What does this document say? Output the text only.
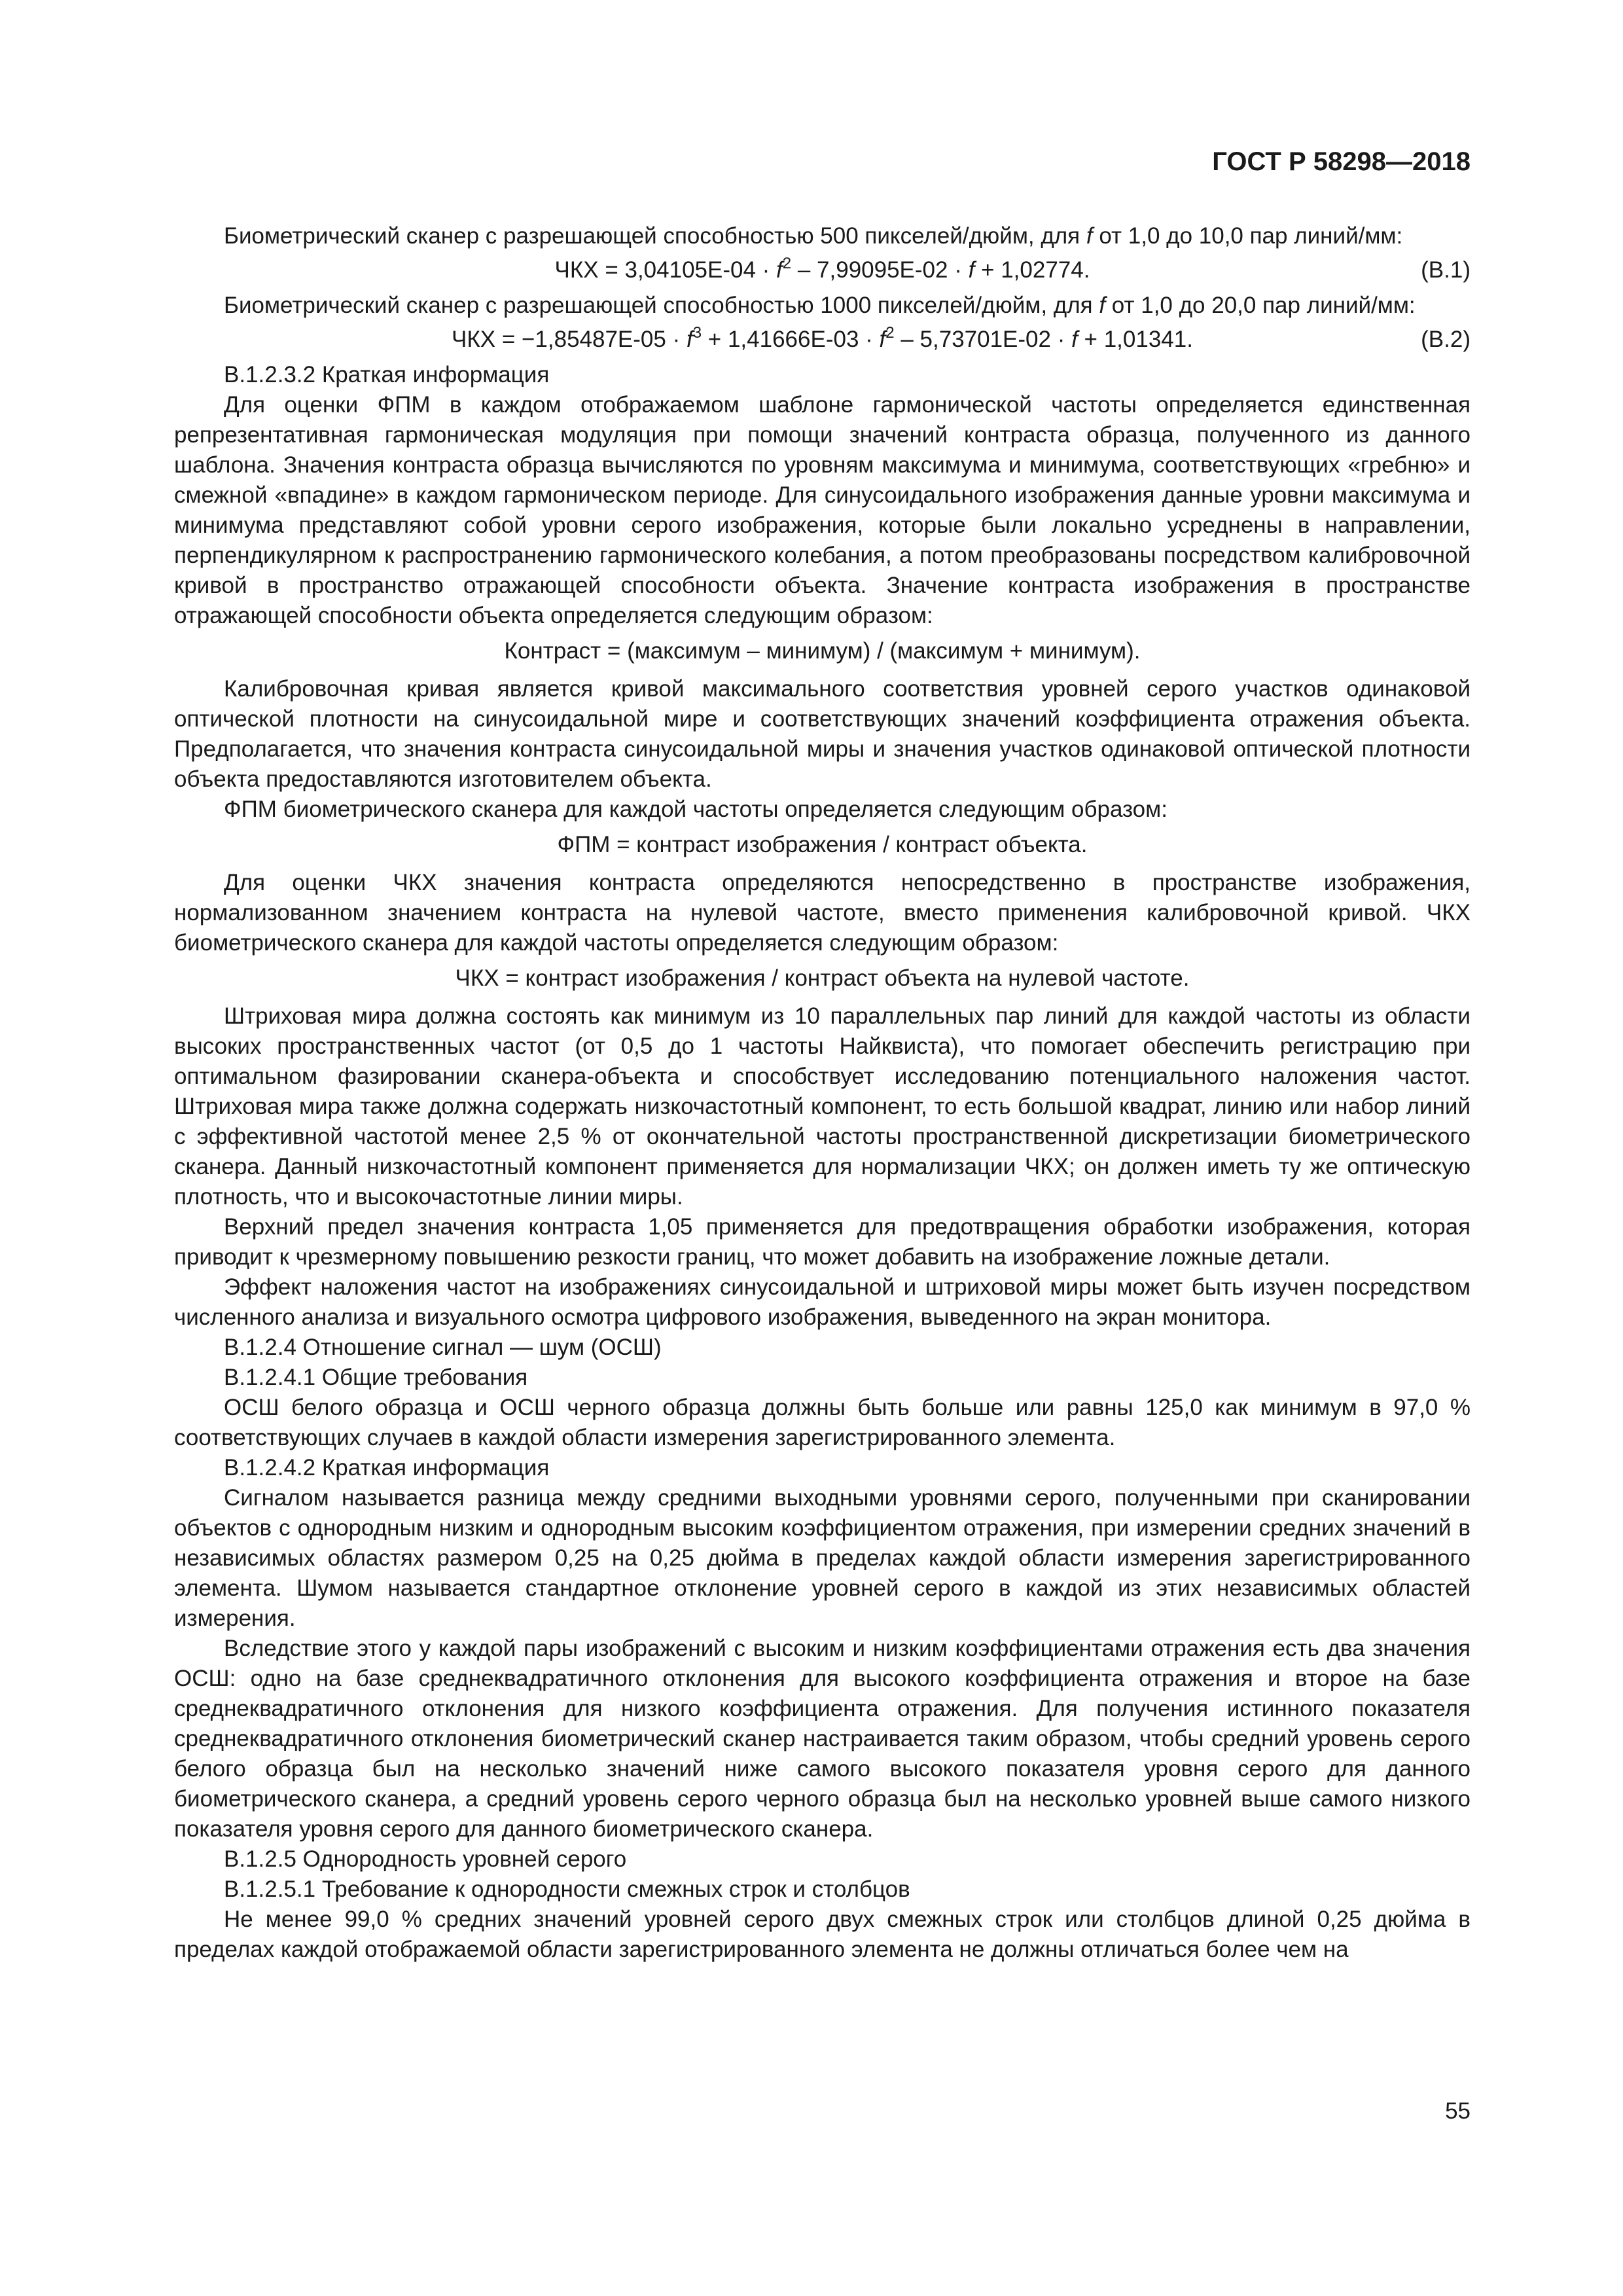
ГОСТ Р 58298—2018

Биометрический сканер с разрешающей способностью 500 пикселей/дюйм, для f от 1,0 до 10,0 пар линий/мм:

ЧКХ = $3,04105E-04 \cdot f^2 - 7,99095E-02 \cdot f + 1,02774$.	(В.1)

Биометрический сканер с разрешающей способностью 1000 пикселей/дюйм, для f от 1,0 до 20,0 пар линий/мм:

ЧКХ = $-1,85487E-05 \cdot f^3 + 1,41666E-03 \cdot f^2 - 5,73701E-02 \cdot f + 1,01341$.	(В.2)

В.1.2.3.2 Краткая информация

Для оценки ФПМ в каждом отображаемом шаблоне гармонической частоты определяется единственная репрезентативная гармоническая модуляция при помощи значений контраста образца, полученного из данного шаблона. Значения контраста образца вычисляются по уровням максимума и минимума, соответствующих «гребню» и смежной «впадине» в каждом гармоническом периоде. Для синусоидального изображения данные уровни максимума и минимума представляют собой уровни серого изображения, которые были локально усреднены в направлении, перпендикулярном к распространению гармонического колебания, а потом преобразованы посредством калибровочной кривой в пространство отражающей способности объекта. Значение контраста изображения в пространстве отражающей способности объекта определяется следующим образом:

Контраст = (максимум – минимум) / (максимум + минимум).

Калибровочная кривая является кривой максимального соответствия уровней серого участков одинаковой оптической плотности на синусоидальной мире и соответствующих значений коэффициента отражения объекта. Предполагается, что значения контраста синусоидальной миры и значения участков одинаковой оптической плотности объекта предоставляются изготовителем объекта.

ФПМ биометрического сканера для каждой частоты определяется следующим образом:

ФПМ = контраст изображения / контраст объекта.

Для оценки ЧКХ значения контраста определяются непосредственно в пространстве изображения, нормализованном значением контраста на нулевой частоте, вместо применения калибровочной кривой. ЧКХ биометрического сканера для каждой частоты определяется следующим образом:

ЧКХ = контраст изображения / контраст объекта на нулевой частоте.

Штриховая мира должна состоять как минимум из 10 параллельных пар линий для каждой частоты из области высоких пространственных частот (от 0,5 до 1 частоты Найквиста), что помогает обеспечить регистрацию при оптимальном фазировании сканера-объекта и способствует исследованию потенциального наложения частот. Штриховая мира также должна содержать низкочастотный компонент, то есть большой квадрат, линию или набор линий с эффективной частотой менее 2,5 % от окончательной частоты пространственной дискретизации биометрического сканера. Данный низкочастотный компонент применяется для нормализации ЧКХ; он должен иметь ту же оптическую плотность, что и высокочастотные линии миры.

Верхний предел значения контраста 1,05 применяется для предотвращения обработки изображения, которая приводит к чрезмерному повышению резкости границ, что может добавить на изображение ложные детали.

Эффект наложения частот на изображениях синусоидальной и штриховой миры может быть изучен посредством численного анализа и визуального осмотра цифрового изображения, выведенного на экран монитора.

В.1.2.4 Отношение сигнал — шум (ОСШ)

В.1.2.4.1 Общие требования

ОСШ белого образца и ОСШ черного образца должны быть больше или равны 125,0 как минимум в 97,0 % соответствующих случаев в каждой области измерения зарегистрированного элемента.

В.1.2.4.2 Краткая информация

Сигналом называется разница между средними выходными уровнями серого, полученными при сканировании объектов с однородным низким и однородным высоким коэффициентом отражения, при измерении средних значений в независимых областях размером 0,25 на 0,25 дюйма в пределах каждой области измерения зарегистрированного элемента. Шумом называется стандартное отклонение уровней серого в каждой из этих независимых областей измерения.

Вследствие этого у каждой пары изображений с высоким и низким коэффициентами отражения есть два значения ОСШ: одно на базе среднеквадратичного отклонения для высокого коэффициента отражения и второе на базе среднеквадратичного отклонения для низкого коэффициента отражения. Для получения истинного показателя среднеквадратичного отклонения биометрический сканер настраивается таким образом, чтобы средний уровень серого белого образца был на несколько значений ниже самого высокого показателя уровня серого для данного биометрического сканера, а средний уровень серого черного образца был на несколько уровней выше самого низкого показателя уровня серого для данного биометрического сканера.

В.1.2.5 Однородность уровней серого

В.1.2.5.1 Требование к однородности смежных строк и столбцов

Не менее 99,0 % средних значений уровней серого двух смежных строк или столбцов длиной 0,25 дюйма в пределах каждой отображаемой области зарегистрированного элемента не должны отличаться более чем на

55
